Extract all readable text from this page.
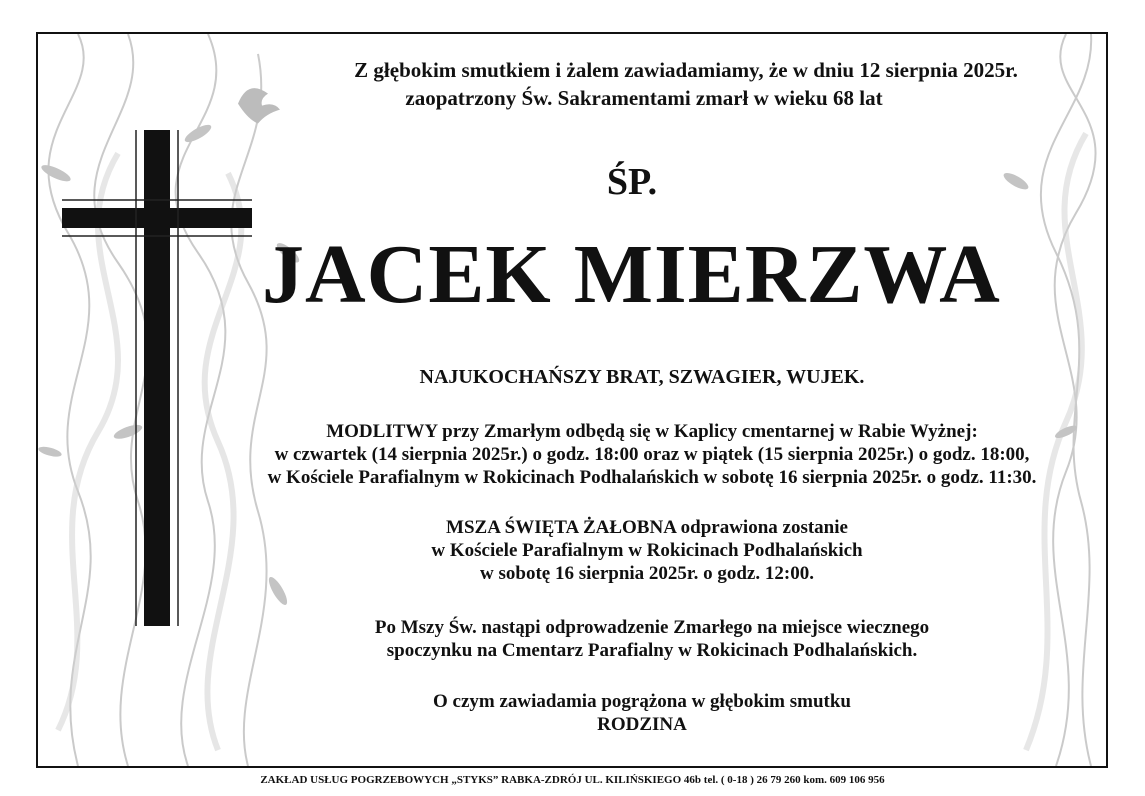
Z głębokim smutkiem i żalem zawiadamiamy, że w dniu 12 sierpnia 2025r.
zaopatrzony Św. Sakramentami zmarł w wieku 68 lat
ŚP.
JACEK MIERZWA
NAJUKOCHAŃSZY BRAT, SZWAGIER, WUJEK.
MODLITWY przy Zmarłym odbędą się w Kaplicy cmentarnej w Rabie Wyżnej:
w czwartek (14 sierpnia 2025r.) o godz. 18:00 oraz w piątek (15 sierpnia 2025r.) o godz. 18:00,
w Kościele Parafialnym w Rokicinach Podhalańskich w sobotę 16 sierpnia 2025r. o godz. 11:30.
MSZA ŚWIĘTA ŻAŁOBNA odprawiona zostanie
w Kościele Parafialnym w Rokicinach Podhalańskich
w sobotę 16 sierpnia 2025r. o godz. 12:00.
Po Mszy Św. nastąpi odprowadzenie Zmarłego na miejsce wiecznego
spoczynku na Cmentarz Parafialny w Rokicinach Podhalańskich.
O czym zawiadamia pogrążona w głębokim smutku
RODZINA
ZAKŁAD USŁUG POGRZEBOWYCH „STYKS” RABKA-ZDRÓJ UL. KILIŃSKIEGO 46b tel. ( 0-18 ) 26 79 260 kom. 609 106 956
